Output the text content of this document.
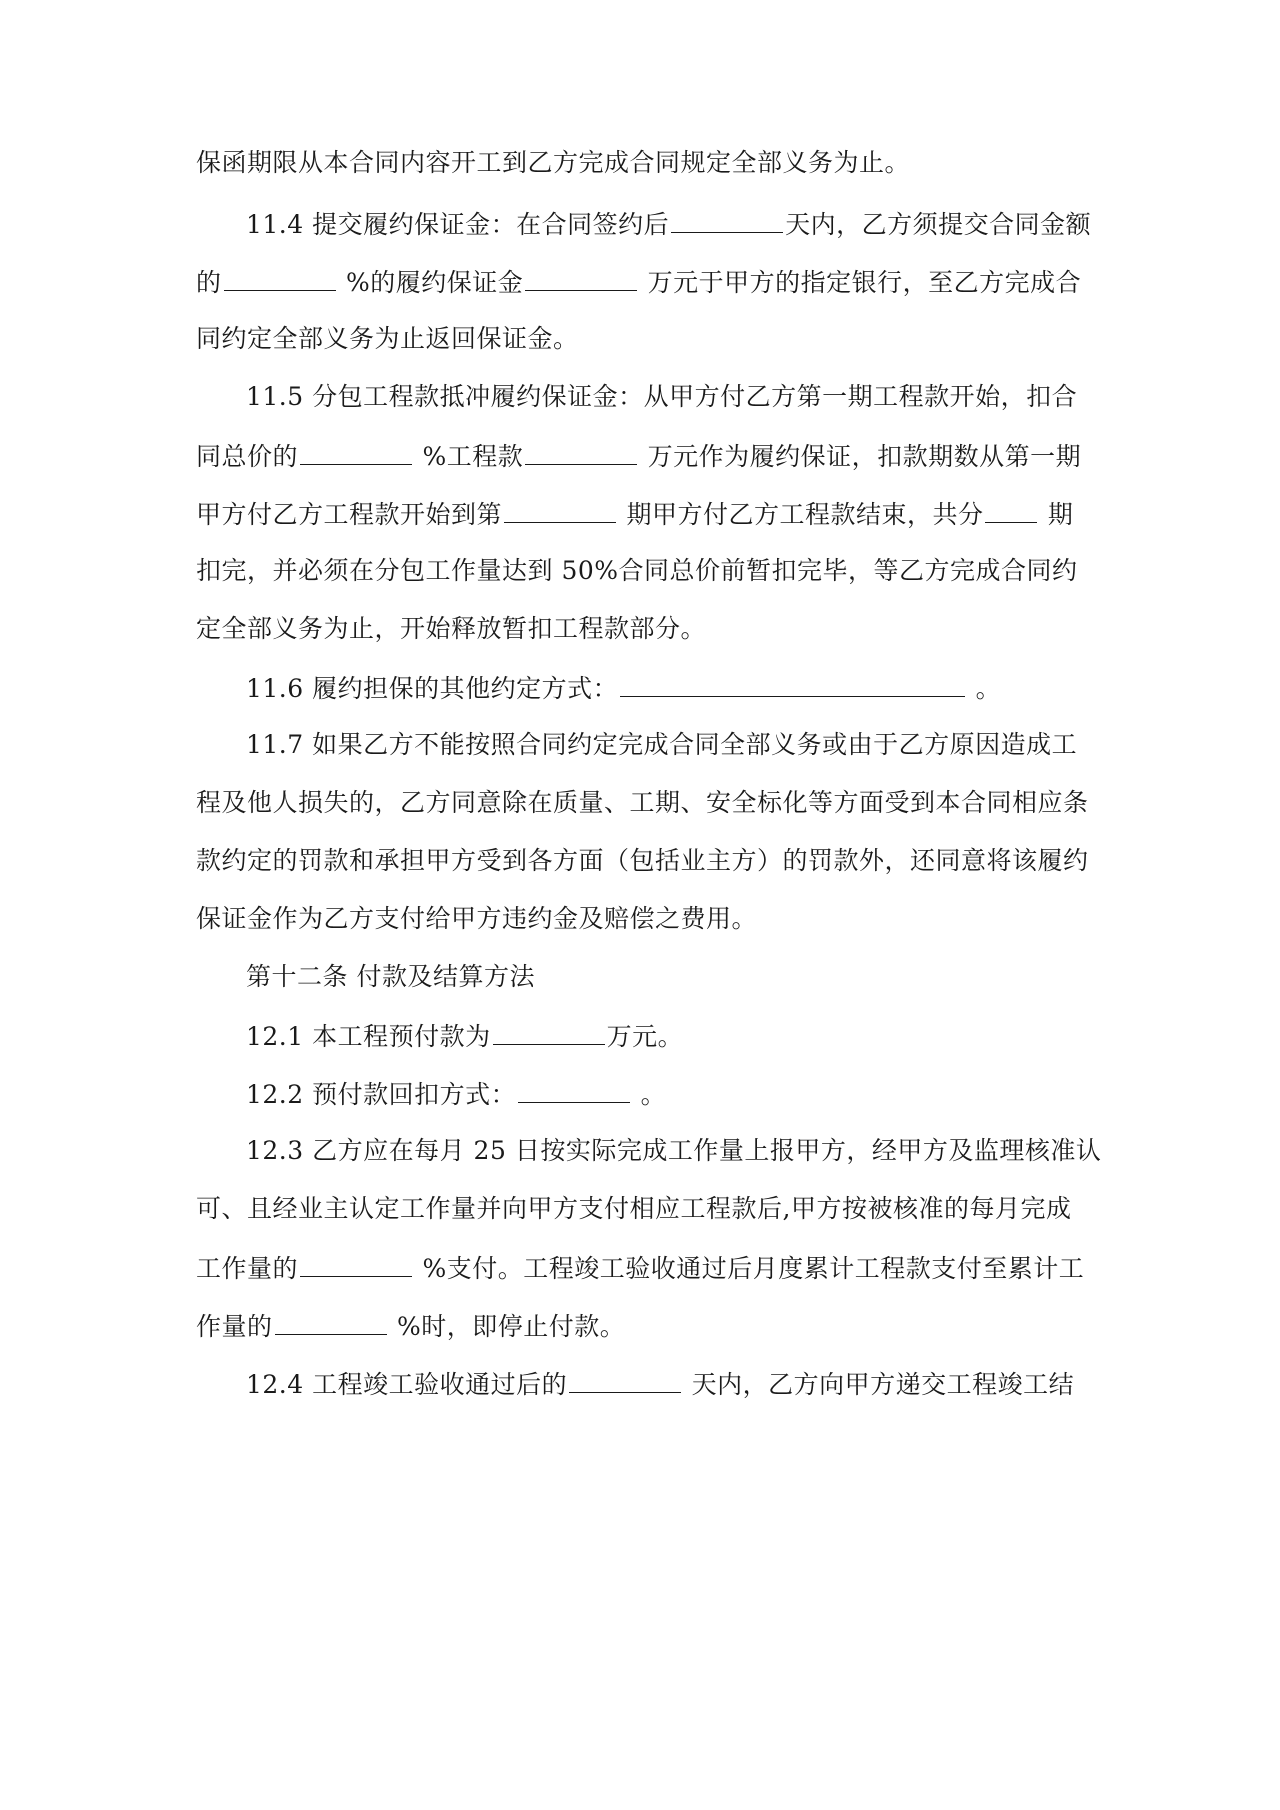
保函期限从本合同内容开工到乙方完成合同规定全部义务为止。
11.4 提交履约保证金：在合同签约后	天内，乙方须提交合同金额
的	%的履约保证金	万元于甲方的指定银行，至乙方完成合
同约定全部义务为止返回保证金。
11.5 分包工程款抵冲履约保证金：从甲方付乙方第一期工程款开始，扣合
同总价的	%工程款	万元作为履约保证，扣款期数从第一期
甲方付乙方工程款开始到第	期甲方付乙方工程款结束，共分 期
扣完，并必须在分包工作量达到 50%合同总价前暂扣完毕，等乙方完成合同约
定全部义务为止，开始释放暂扣工程款部分。
11.6 履约担保的其他约定方式：	。
11.7 如果乙方不能按照合同约定完成合同全部义务或由于乙方原因造成工
程及他人损失的，乙方同意除在质量、工期、安全标化等方面受到本合同相应条
款约定的罚款和承担甲方受到各方面（包括业主方）的罚款外，还同意将该履约
保证金作为乙方支付给甲方违约金及赔偿之费用。
第十二条 付款及结算方法
12.1 本工程预付款为	万元。
12.2 预付款回扣方式：	。
12.3 乙方应在每月 25 日按实际完成工作量上报甲方，经甲方及监理核准认
可、且经业主认定工作量并向甲方支付相应工程款后,甲方按被核准的每月完成
工作量的	%支付。工程竣工验收通过后月度累计工程款支付至累计工
作量的	%时，即停止付款。
12.4 工程竣工验收通过后的	天内，乙方向甲方递交工程竣工结
